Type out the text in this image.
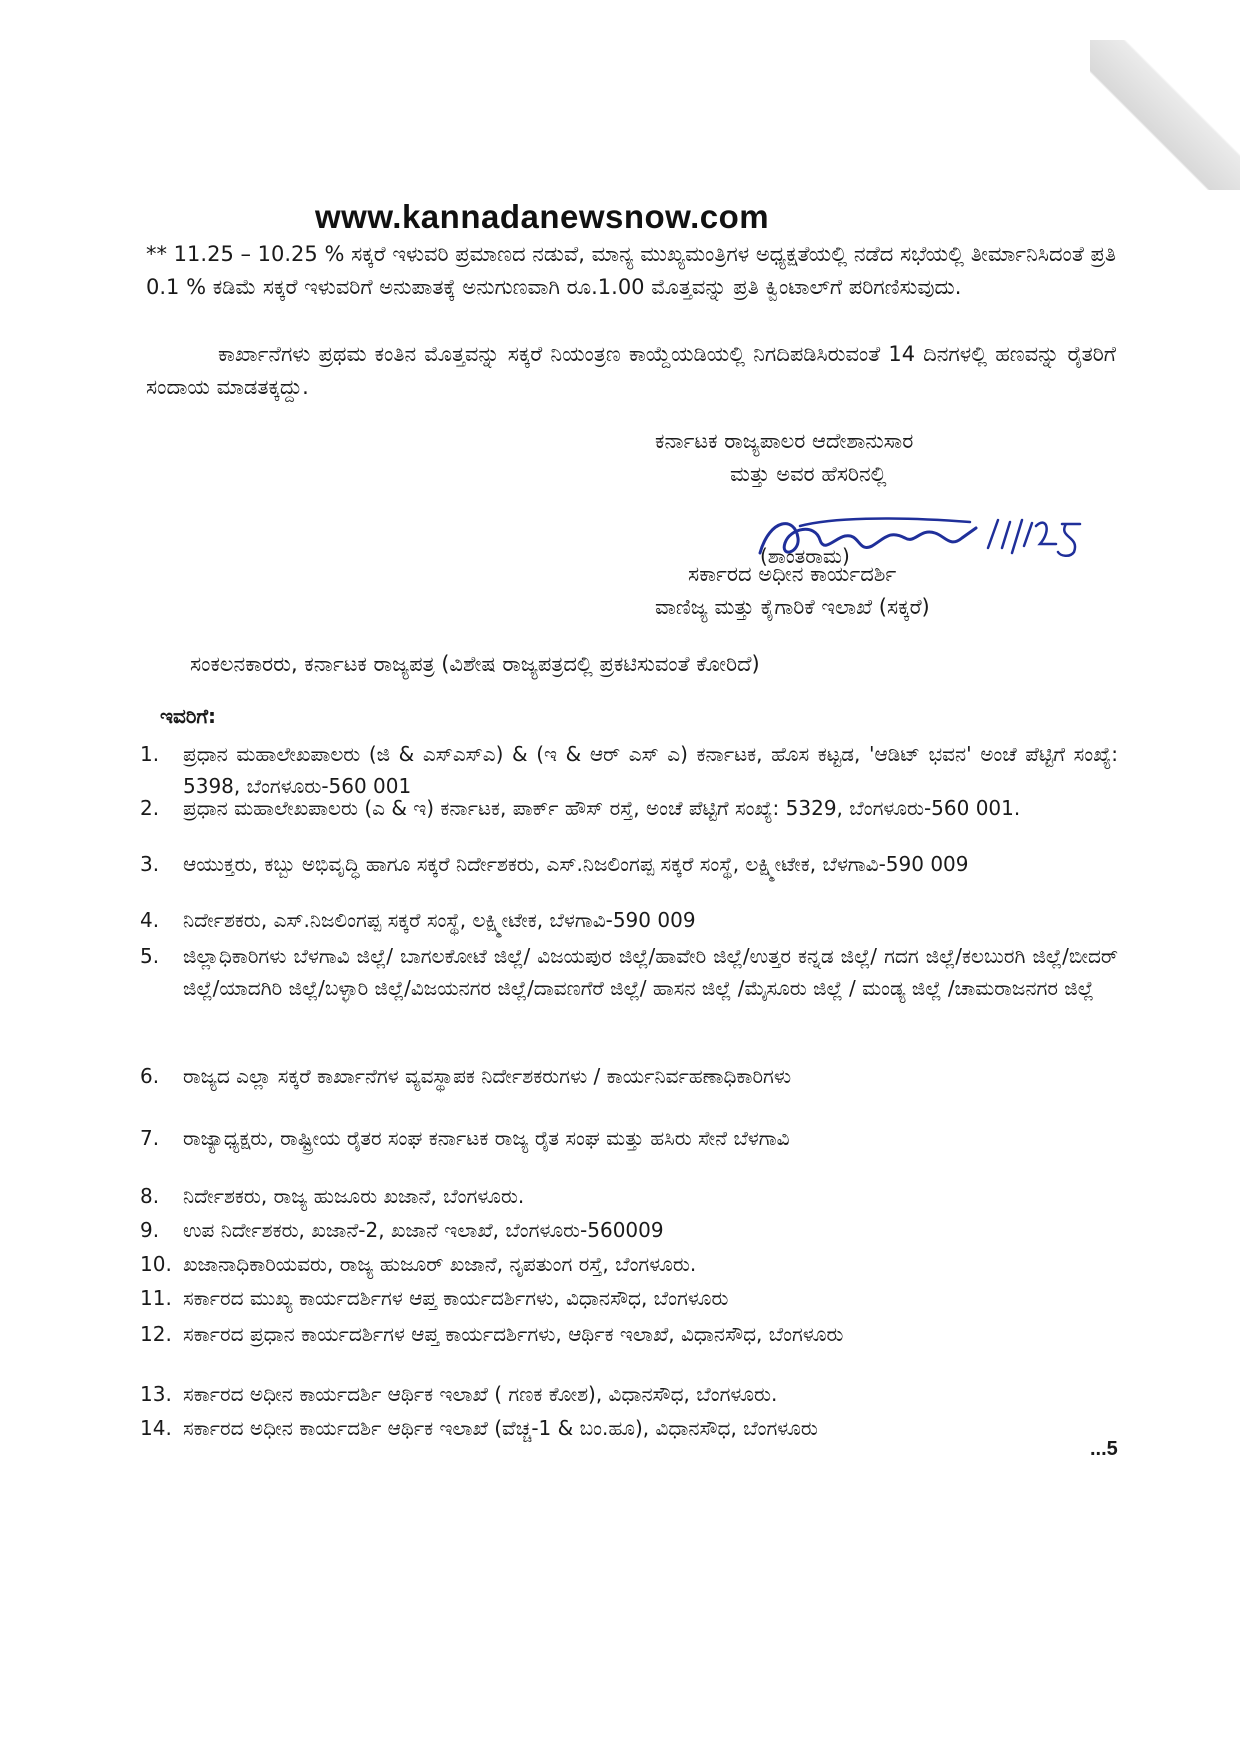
www.kannadanewsnow.com
** 11.25 – 10.25 % ಸಕ್ಕರೆ ಇಳುವರಿ ಪ್ರಮಾಣದ ನಡುವೆ, ಮಾನ್ಯ ಮುಖ್ಯಮಂತ್ರಿಗಳ ಅಧ್ಯಕ್ಷತೆಯಲ್ಲಿ ನಡೆದ ಸಭೆಯಲ್ಲಿ ತೀರ್ಮಾನಿಸಿದಂತೆ ಪ್ರತಿ 0.1 % ಕಡಿಮೆ ಸಕ್ಕರೆ ಇಳುವರಿಗೆ ಅನುಪಾತಕ್ಕೆ ಅನುಗುಣವಾಗಿ ರೂ.1.00 ಮೊತ್ತವನ್ನು ಪ್ರತಿ ಕ್ವಿಂಟಾಲ್‌ಗೆ ಪರಿಗಣಿಸುವುದು.
ಕಾರ್ಖಾನೆಗಳು ಪ್ರಥಮ ಕಂತಿನ ಮೊತ್ತವನ್ನು ಸಕ್ಕರೆ ನಿಯಂತ್ರಣ ಕಾಯ್ದೆಯಡಿಯಲ್ಲಿ ನಿಗದಿಪಡಿಸಿರುವಂತೆ 14 ದಿನಗಳಲ್ಲಿ ಹಣವನ್ನು ರೈತರಿಗೆ ಸಂದಾಯ ಮಾಡತಕ್ಕದ್ದು.
ಕರ್ನಾಟಕ ರಾಜ್ಯಪಾಲರ ಆದೇಶಾನುಸಾರ
ಮತ್ತು ಅವರ ಹೆಸರಿನಲ್ಲಿ
(ಶಾಂತರಾಮ)
ಸರ್ಕಾರದ ಅಧೀನ ಕಾರ್ಯದರ್ಶಿ
ವಾಣಿಜ್ಯ ಮತ್ತು ಕೈಗಾರಿಕೆ ಇಲಾಖೆ (ಸಕ್ಕರೆ)
ಸಂಕಲನಕಾರರು, ಕರ್ನಾಟಕ ರಾಜ್ಯಪತ್ರ (ವಿಶೇಷ ರಾಜ್ಯಪತ್ರದಲ್ಲಿ ಪ್ರಕಟಿಸುವಂತೆ ಕೋರಿದೆ)
ಇವರಿಗೆ:
1.	ಪ್ರಧಾನ ಮಹಾಲೇಖಪಾಲರು (ಜಿ & ಎಸ್‌ಎಸ್‌ಎ) & (ಇ & ಆರ್ ಎಸ್ ಎ) ಕರ್ನಾಟಕ, ಹೊಸ ಕಟ್ಟಡ, 'ಆಡಿಟ್ ಭವನ' ಅಂಚೆ ಪೆಟ್ಟಿಗೆ ಸಂಖ್ಯೆ: 5398, ಬೆಂಗಳೂರು-560 001
2.	ಪ್ರಧಾನ ಮಹಾಲೇಖಪಾಲರು (ಎ & ಇ) ಕರ್ನಾಟಕ, ಪಾರ್ಕ್ ಹೌಸ್ ರಸ್ತೆ, ಅಂಚೆ ಪೆಟ್ಟಿಗೆ ಸಂಖ್ಯೆ: 5329, ಬೆಂಗಳೂರು-560 001.
3.	ಆಯುಕ್ತರು, ಕಬ್ಬು ಅಭಿವೃದ್ಧಿ ಹಾಗೂ ಸಕ್ಕರೆ ನಿರ್ದೇಶಕರು, ಎಸ್.ನಿಜಲಿಂಗಪ್ಪ ಸಕ್ಕರೆ ಸಂಸ್ಥೆ, ಲಕ್ಷ್ಮೀಟೇಕ, ಬೆಳಗಾವಿ-590 009
4.	ನಿರ್ದೇಶಕರು, ಎಸ್.ನಿಜಲಿಂಗಪ್ಪ ಸಕ್ಕರೆ ಸಂಸ್ಥೆ, ಲಕ್ಷ್ಮೀಟೇಕ, ಬೆಳಗಾವಿ-590 009
5.	ಜಿಲ್ಲಾಧಿಕಾರಿಗಳು ಬೆಳಗಾವಿ ಜಿಲ್ಲೆ/ ಬಾಗಲಕೋಟೆ ಜಿಲ್ಲೆ/ ವಿಜಯಪುರ ಜಿಲ್ಲೆ/ಹಾವೇರಿ ಜಿಲ್ಲೆ/ಉತ್ತರ ಕನ್ನಡ ಜಿಲ್ಲೆ/ ಗದಗ ಜಿಲ್ಲೆ/ಕಲಬುರಗಿ ಜಿಲ್ಲೆ/ಬೀದರ್ ಜಿಲ್ಲೆ/ಯಾದಗಿರಿ ಜಿಲ್ಲೆ/ಬಳ್ಳಾರಿ ಜಿಲ್ಲೆ/ವಿಜಯನಗರ ಜಿಲ್ಲೆ/ದಾವಣಗೆರೆ ಜಿಲ್ಲೆ/ ಹಾಸನ ಜಿಲ್ಲೆ /ಮೈಸೂರು ಜಿಲ್ಲೆ / ಮಂಡ್ಯ ಜಿಲ್ಲೆ /ಚಾಮರಾಜನಗರ ಜಿಲ್ಲೆ
6.	ರಾಜ್ಯದ ಎಲ್ಲಾ ಸಕ್ಕರೆ ಕಾರ್ಖಾನೆಗಳ ವ್ಯವಸ್ಥಾಪಕ ನಿರ್ದೇಶಕರುಗಳು / ಕಾರ್ಯನಿರ್ವಹಣಾಧಿಕಾರಿಗಳು
7.	ರಾಜ್ಯಾಧ್ಯಕ್ಷರು, ರಾಷ್ಟ್ರೀಯ ರೈತರ ಸಂಘ ಕರ್ನಾಟಕ ರಾಜ್ಯ ರೈತ ಸಂಘ ಮತ್ತು ಹಸಿರು ಸೇನೆ ಬೆಳಗಾವಿ
8.	ನಿರ್ದೇಶಕರು, ರಾಜ್ಯ ಹುಜೂರು ಖಜಾನೆ, ಬೆಂಗಳೂರು.
9.	ಉಪ ನಿರ್ದೇಶಕರು, ಖಜಾನೆ-2, ಖಜಾನೆ ಇಲಾಖೆ, ಬೆಂಗಳೂರು-560009
10. ಖಜಾನಾಧಿಕಾರಿಯವರು, ರಾಜ್ಯ ಹುಜೂರ್ ಖಜಾನೆ, ನೃಪತುಂಗ ರಸ್ತೆ, ಬೆಂಗಳೂರು.
11. ಸರ್ಕಾರದ ಮುಖ್ಯ ಕಾರ್ಯದರ್ಶಿಗಳ ಆಪ್ತ ಕಾರ್ಯದರ್ಶಿಗಳು, ವಿಧಾನಸೌಧ, ಬೆಂಗಳೂರು
12. ಸರ್ಕಾರದ ಪ್ರಧಾನ ಕಾರ್ಯದರ್ಶಿಗಳ ಆಪ್ತ ಕಾರ್ಯದರ್ಶಿಗಳು, ಆರ್ಥಿಕ ಇಲಾಖೆ, ವಿಧಾನಸೌಧ, ಬೆಂಗಳೂರು
13. ಸರ್ಕಾರದ ಅಧೀನ ಕಾರ್ಯದರ್ಶಿ ಆರ್ಥಿಕ ಇಲಾಖೆ ( ಗಣಕ ಕೋಶ), ವಿಧಾನಸೌಧ, ಬೆಂಗಳೂರು.
14. ಸರ್ಕಾರದ ಅಧೀನ ಕಾರ್ಯದರ್ಶಿ ಆರ್ಥಿಕ ಇಲಾಖೆ (ವೆಚ್ಚ-1 & ಬಂ.ಹೂ), ವಿಧಾನಸೌಧ, ಬೆಂಗಳೂರು
...5
